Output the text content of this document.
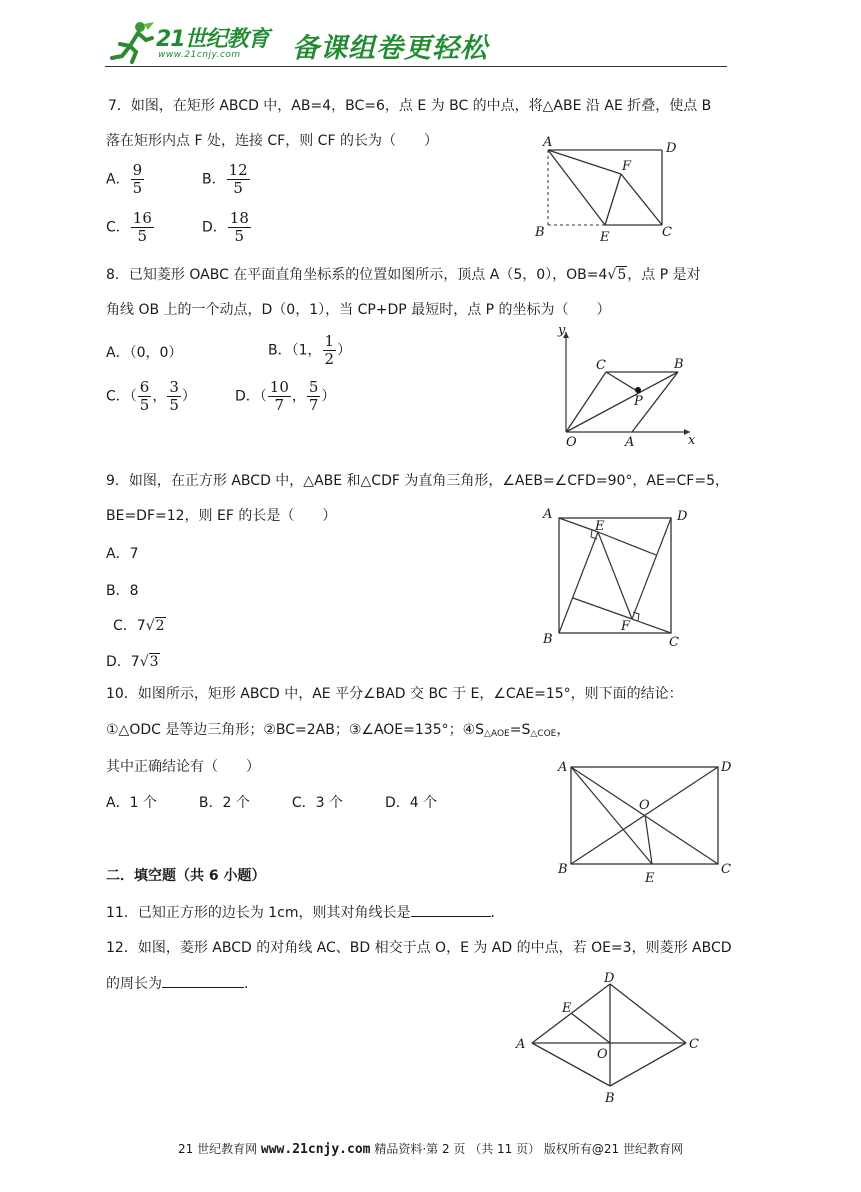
21世纪教育
www.21cnjy.com 备课组卷更轻松
7．如图，在矩形 ABCD 中，AB=4，BC=6，点 E 为 BC 的中点，将△ABE 沿 AE 折叠，使点 B
落在矩形内点 F 处，连接 CF，则 CF 的长为（　　）
A． $\frac{9}{5}$	B． $\frac{12}{5}$
C． $\frac{16}{5}$	D． $\frac{18}{5}$
A	D
F
B	E	C
8．已知菱形 OABC 在平面直角坐标系的位置如图所示，顶点 A（5，0），OB=4√5，点 P 是对
角线 OB 上的一个动点，D（0，1），当 CP+DP 最短时，点 P 的坐标为（　　）
A．（0，0）	B．（1， $\frac{1}{2}$ ）
C．（ $\frac{6}{5}$ ， $\frac{3}{5}$ ）	D．（ $\frac{10}{7}$ ， $\frac{5}{7}$ ）
y
x
O	A
B
C
P
9．如图，在正方形 ABCD 中，△ABE 和△CDF 为直角三角形，∠AEB=∠CFD=90°，AE=CF=5，
BE=DF=12，则 EF 的长是（　　）
A．7
B．8
C．7√2
D．7√3
A	D
E
F
B	C
10．如图所示，矩形 ABCD 中，AE 平分∠BAD 交 BC 于 E，∠CAE=15°，则下面的结论：
①△ODC 是等边三角形；②BC=2AB；③∠AOE=135°；$④S_{\triangle AOE}=S_{\triangle COE}$，
其中正确结论有（　　）
A．1 个　　　B．2 个　　　C．3 个　　　D．4 个
A	D
O
B
E
C
二．填空题（共 6 小题）
11．已知正方形的边长为 1cm，则其对角线长是	.
12．如图，菱形 ABCD 的对角线 AC、BD 相交于点 O，E 为 AD 的中点，若 OE=3，则菱形 ABCD
的周长为	.	D
E
A
O
C
B
21 世纪教育网 www.21cnjy.com 精品资料·第 2 页 （共 11 页） 版权所有@21 世纪教育网
